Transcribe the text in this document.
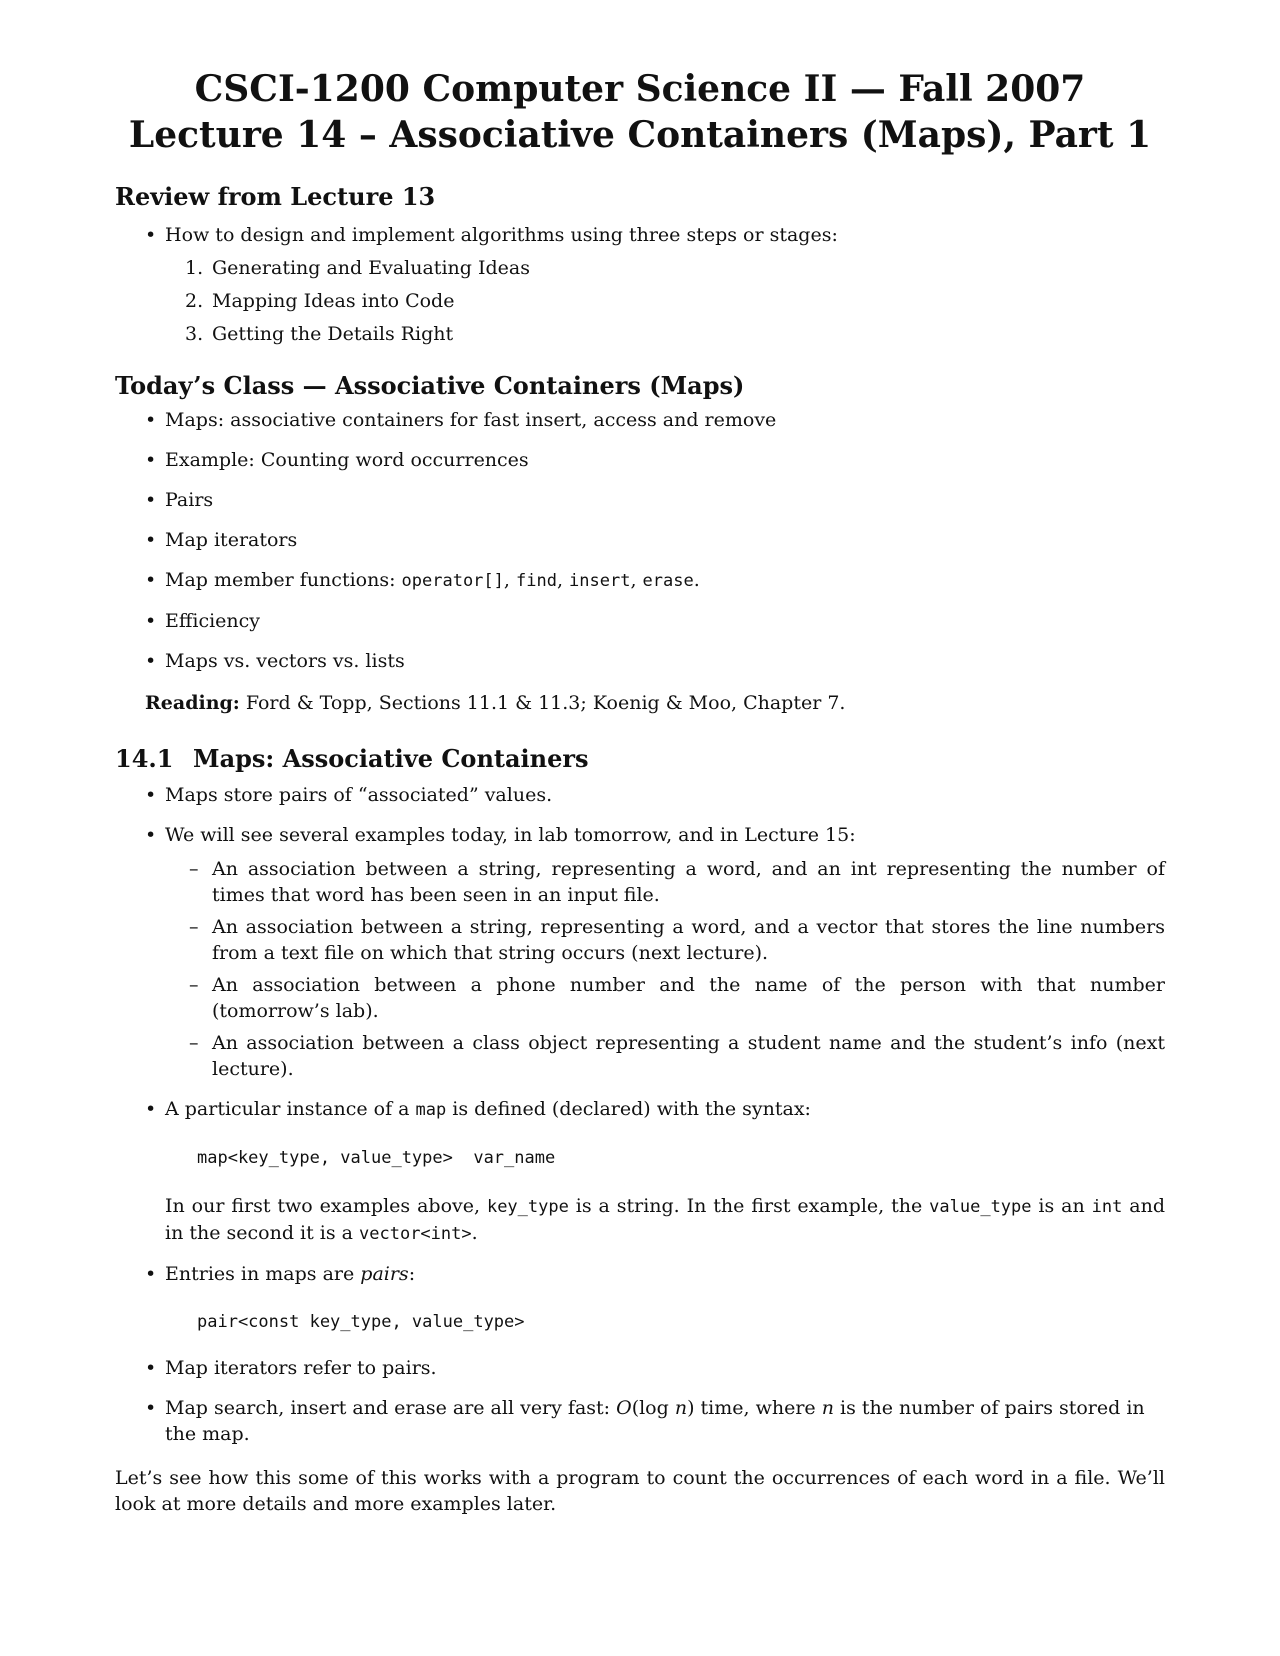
CSCI-1200 Computer Science II — Fall 2007
Lecture 14 – Associative Containers (Maps), Part 1
Review from Lecture 13
• How to design and implement algorithms using three steps or stages:
1. Generating and Evaluating Ideas
2. Mapping Ideas into Code
3. Getting the Details Right
Today’s Class — Associative Containers (Maps)
• Maps: associative containers for fast insert, access and remove
• Example: Counting word occurrences
• Pairs
• Map iterators
• Map member functions: operator[], find, insert, erase.
• Efficiency
• Maps vs. vectors vs. lists
Reading: Ford & Topp, Sections 11.1 & 11.3; Koenig & Moo, Chapter 7.
14.1 Maps: Associative Containers
• Maps store pairs of “associated” values.
• We will see several examples today, in lab tomorrow, and in Lecture 15:
– An association between a string, representing a word, and an int representing the number of times that word has been seen in an input file.
– An association between a string, representing a word, and a vector that stores the line numbers from a text file on which that string occurs (next lecture).
– An association between a phone number and the name of the person with that number (tomorrow’s lab).
– An association between a class object representing a student name and the student’s info (next lecture).
• A particular instance of a map is defined (declared) with the syntax:
map<key_type, value_type>  var_name
In our first two examples above, key_type is a string. In the first example, the value_type is an int and in the second it is a vector<int>.
• Entries in maps are pairs:
pair<const key_type, value_type>
• Map iterators refer to pairs.
• Map search, insert and erase are all very fast: O(log n) time, where n is the number of pairs stored in the map.
Let’s see how this some of this works with a program to count the occurrences of each word in a file. We’ll look at more details and more examples later.
